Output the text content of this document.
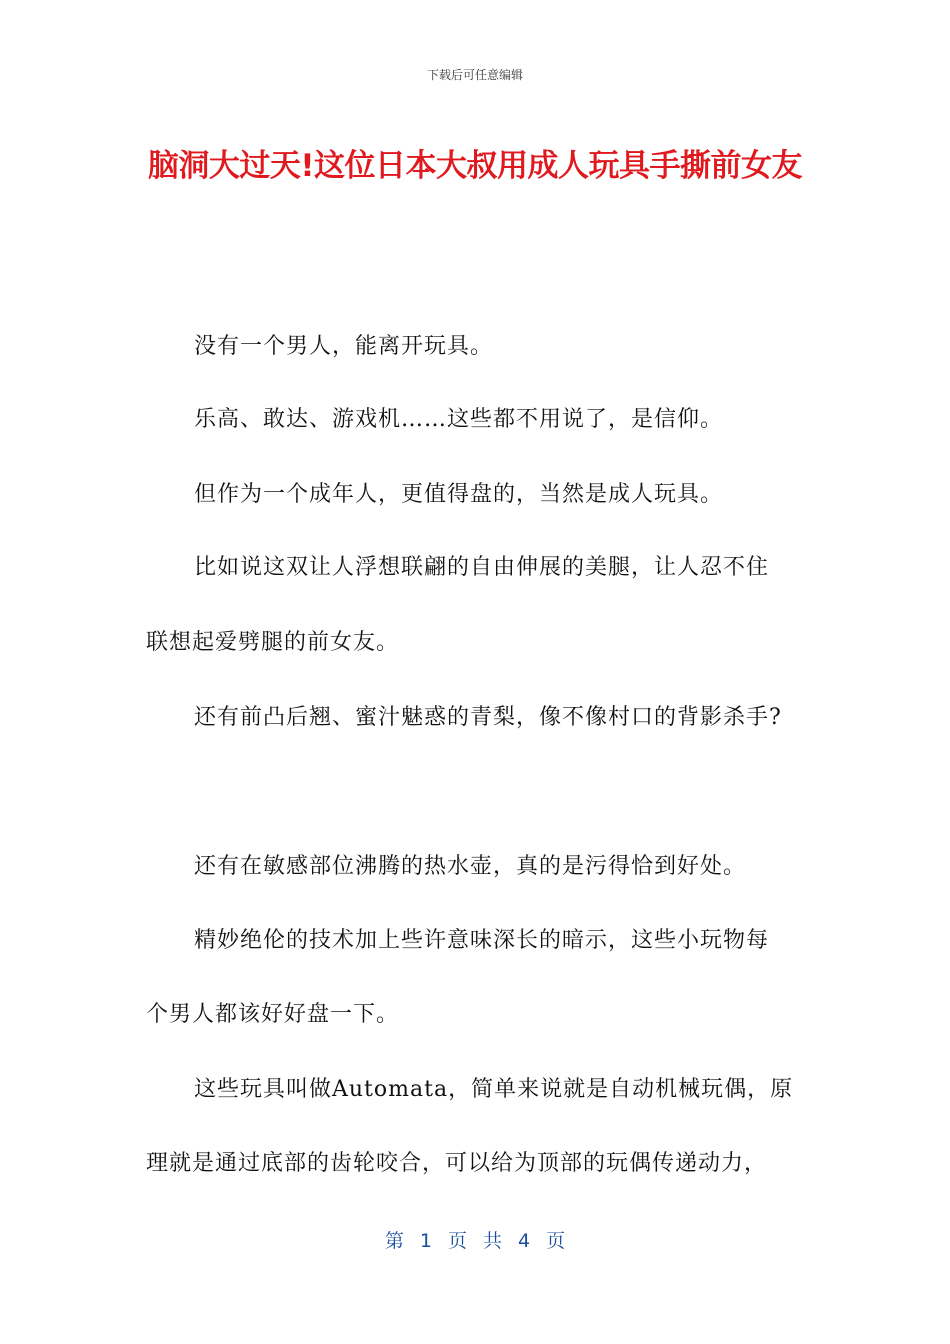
下载后可任意编辑
脑洞大过天!这位日本大叔用成人玩具手撕前女友
没有一个男人，能离开玩具。
乐高、敢达、游戏机……这些都不用说了，是信仰。
但作为一个成年人，更值得盘的，当然是成人玩具。
比如说这双让人浮想联翩的自由伸展的美腿，让人忍不住
联想起爱劈腿的前女友。
还有前凸后翘、蜜汁魅惑的青梨，像不像村口的背影杀手?
还有在敏感部位沸腾的热水壶，真的是污得恰到好处。
精妙绝伦的技术加上些许意味深长的暗示，这些小玩物每
个男人都该好好盘一下。
这些玩具叫做Automata，简单来说就是自动机械玩偶，原
理就是通过底部的齿轮咬合，可以给为顶部的玩偶传递动力，
第 1 页 共 4 页
